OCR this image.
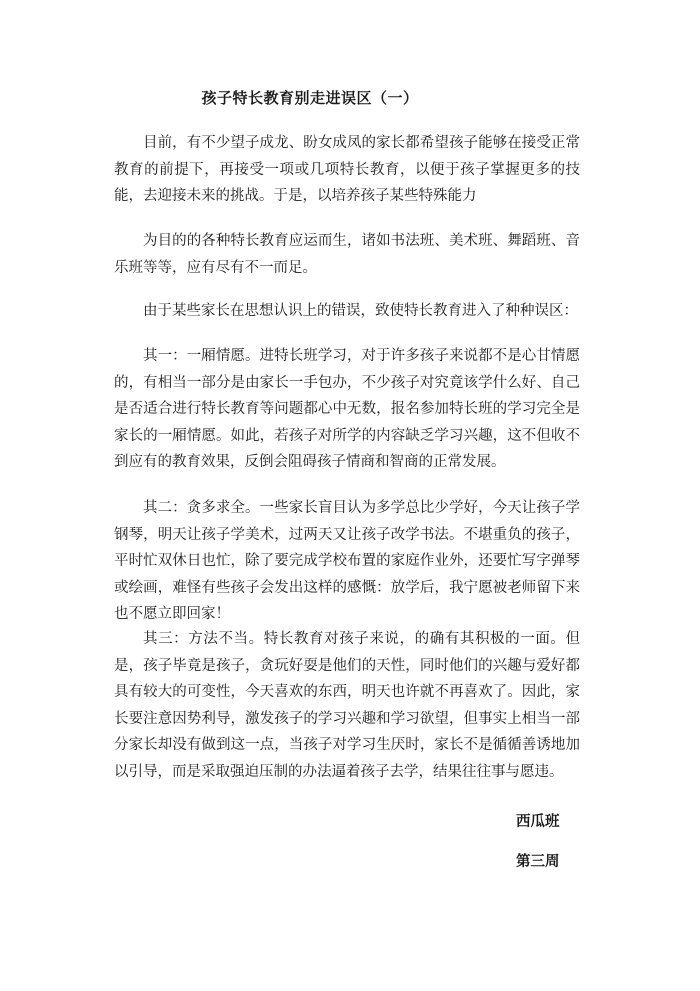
孩子特长教育别走进误区（一）

目前，有不少望子成龙、盼女成凤的家长都希望孩子能够在接受正常教育的前提下，再接受一项或几项特长教育，以便于孩子掌握更多的技能，去迎接未来的挑战。于是，以培养孩子某些特殊能力

为目的的各种特长教育应运而生，诸如书法班、美术班、舞蹈班、音乐班等等，应有尽有不一而足。

由于某些家长在思想认识上的错误，致使特长教育进入了种种误区：

其一：一厢情愿。进特长班学习，对于许多孩子来说都不是心甘情愿的，有相当一部分是由家长一手包办，不少孩子对究竟该学什么好、自己是否适合进行特长教育等问题都心中无数，报名参加特长班的学习完全是家长的一厢情愿。如此，若孩子对所学的内容缺乏学习兴趣，这不但收不到应有的教育效果，反倒会阻碍孩子情商和智商的正常发展。

其二：贪多求全。一些家长盲目认为多学总比少学好，今天让孩子学钢琴，明天让孩子学美术，过两天又让孩子改学书法。不堪重负的孩子，平时忙双休日也忙，除了要完成学校布置的家庭作业外，还要忙写字弹琴或绘画，难怪有些孩子会发出这样的感慨：放学后，我宁愿被老师留下来也不愿立即回家！

其三：方法不当。特长教育对孩子来说，的确有其积极的一面。但是，孩子毕竟是孩子，贪玩好耍是他们的天性，同时他们的兴趣与爱好都具有较大的可变性，今天喜欢的东西，明天也许就不再喜欢了。因此，家长要注意因势利导，激发孩子的学习兴趣和学习欲望，但事实上相当一部分家长却没有做到这一点，当孩子对学习生厌时，家长不是循循善诱地加以引导，而是采取强迫压制的办法逼着孩子去学，结果往往事与愿违。

西瓜班
第三周
